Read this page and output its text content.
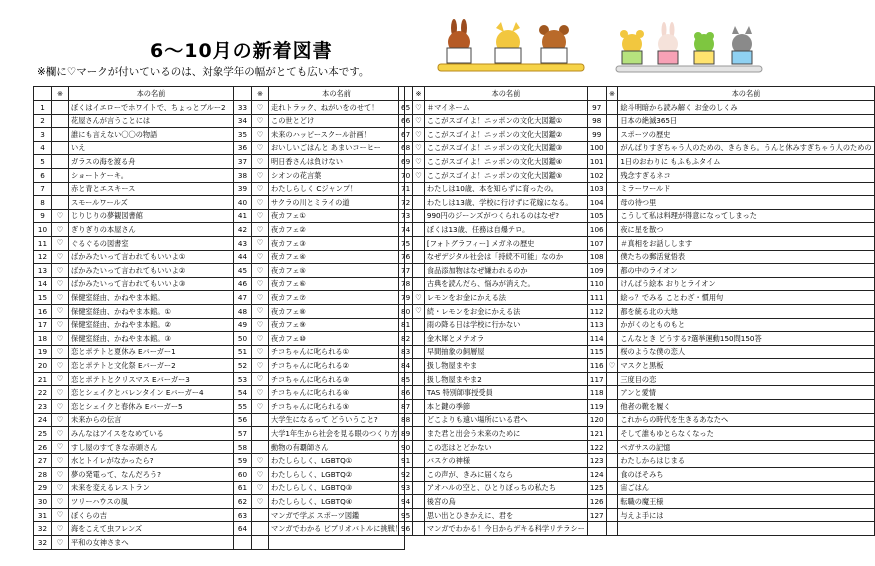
6〜10月の新着図書
※欄に♡マークが付いているのは、対象学年の幅がとても広い本です。
	※	本の名前		※	本の名前
1		ぼくはイエローでホワイトで、ちょっとブルー2	33	♡	走れトラック、ねがいをのせて！
2		花屋さんが言うことには	34	♡	この世とどけ
3		誰にも言えない〇〇の物語	35	♡	未来のハッピースクール計画！
4		いえ	36	♡	おいしいごはんと あまいコーヒー
5		ガラスの海を渡る舟	37	♡	明日香さんは負けない
6		ショートケーキ。	38	♡	シオンの花言葉
7		赤と青とエスキース	39	♡	わたしらしく Cジャンプ！
8		スモールワールズ	40	♡	サクラの川とミライの道
9	♡	じりじりの夢観図書館	41	♡	夜カフェ①
10	♡	ぎりぎりの本屋さん	42	♡	夜カフェ②
11	♡	ぐるぐるの図書室	43	♡	夜カフェ③
12	♡	ばかみたいって言われてもいいよ①	44	♡	夜カフェ④
13	♡	ばかみたいって言われてもいいよ②	45	♡	夜カフェ⑤
14	♡	ばかみたいって言われてもいいよ③	46	♡	夜カフェ⑥
15	♡	保健室経由、かねやま本館。	47	♡	夜カフェ⑦
16	♡	保健室経由、かねやま本館。①	48	♡	夜カフェ⑧
17	♡	保健室経由、かねやま本館。②	49	♡	夜カフェ⑨
18	♡	保健室経由、かねやま本館。③	50	♡	夜カフェ⑩
19	♡	恋とポテトと夏休み Eバーガー1	51	♡	チコちゃんに叱られる①
20	♡	恋とポテトと文化祭 Eバーガー2	52	♡	チコちゃんに叱られる②
21	♡	恋とポテトとクリスマス Eバーガー3	53	♡	チコちゃんに叱られる③
22	♡	恋とシェイクとバレンタイン Eバーガー4	54	♡	チコちゃんに叱られる④
23	♡	恋とシェイクと春休み Eバーガー5	55	♡	チコちゃんに叱られる⑤
24	♡	未来からの伝言	56		大学生になるって どういうこと?
25	♡	みんなはアイスをなめている	57		大学1年生から社会を見る眼のつくり方
26	♡	すし屋のすてきな赤頭さん	58		動物の有覇師さん
27	♡	水とトイレがなかったら?	59	♡	わたしらしく、LGBTQ①
28	♡	夢の発電って、なんだろう?	60	♡	わたしらしく、LGBTQ②
29	♡	未来を変えるレストラン	61	♡	わたしらしく、LGBTQ③
30	♡	ツリーハウスの風	62	♡	わたしらしく、LGBTQ④
31	♡	ぼくらの吉	63		マンガで学ぶ スポーツ図鑑
32	♡	海をこえて虫フレンズ	64		マンガでわかる ビブリオバトルに挑戦！
32	♡	平和の女神さまへ			
	※	本の名前		※	本の名前
65	♡	＃マイネーム	97		絵斗明暗から読み解く お金のしくみ
66	♡	ここがスゴイよ！ニッポンの文化大図鑑①	98		日本の絶滅365日
67	♡	ここがスゴイよ！ニッポンの文化大図鑑②	99		スポーツの歴史
68	♡	ここがスゴイよ！ニッポンの文化大図鑑③	100		がんばりすぎちゃう人のための、きらきら。うんと休みすぎちゃう人のための
69	♡	ここがスゴイよ！ニッポンの文化大図鑑④	101		1日のおわりに もふもふタイム
70	♡	ここがスゴイよ！ニッポンの文化大図鑑⑤	102		残念すぎるネコ
71		わたしは10歳、本を知らずに育ったの。	103		ミラーワールド
72		わたしは13歳、学校に行けずに花嫁になる。	104		母の待つ里
73		990円のジーンズがつくられるのはなぜ?	105		こうして私は料理が得意になってしまった
74		ぼくは13歳、任務は自爆テロ。	106		夜に星を散つ
75		[フォトグラフィー] メガネの歴史	107		＃真相をお話しします
76		なぜデジタル社会は「持続不可能」なのか	108		僕たちの郵活覚悟表
77		食品添加物はなぜ嫌われるのか	109		都の中のライオン
78		古典を読んだら、悩みが消えた。	110		けんぱう絵本 おりとライオン
79	♡	レモンをお金にかえる法	111		絵っ？でみる ことわざ・慣用句
80	♡	続・レモンをお金にかえる法	112		都を統る北の大地
81		雨の降る日は学校に行かない	113		かがくのとものもと
82		金木犀とメテオラ	114		こんなとき どうする?選挙運動150問150答
83		早間抽象の飼層屋	115		桜のような僕の恋人
84		扱し物屋まやま	116	♡	マスクと黒板
85		扱し物屋まやま2	117		三度目の恋
86		TAS 特別師事授受員	118		アンと愛情
87		本と鍵の季節	119		他者の靴を履く
88		どこよりも遠い場所にいる君へ	120		これからの時代を生きるあなたへ
89		また君と出会う未来のために	121		そして誰もゆとらなくなった
90		この恋はとどかない	122		ペガサスの記憶
91		バスケの神様	123		わたしからはじまる
92		この声が、きみに届くなら	124		食のほそみち
93		アオハルの空と、ひとりぼっちの私たち	125		宙ごはん
94		後宮の烏	126		転職の魔王様
95		思い出とひきかえに、君を	127		与えよ手には
96		マンガでわかる！今日からデキる科学リテラシー			
